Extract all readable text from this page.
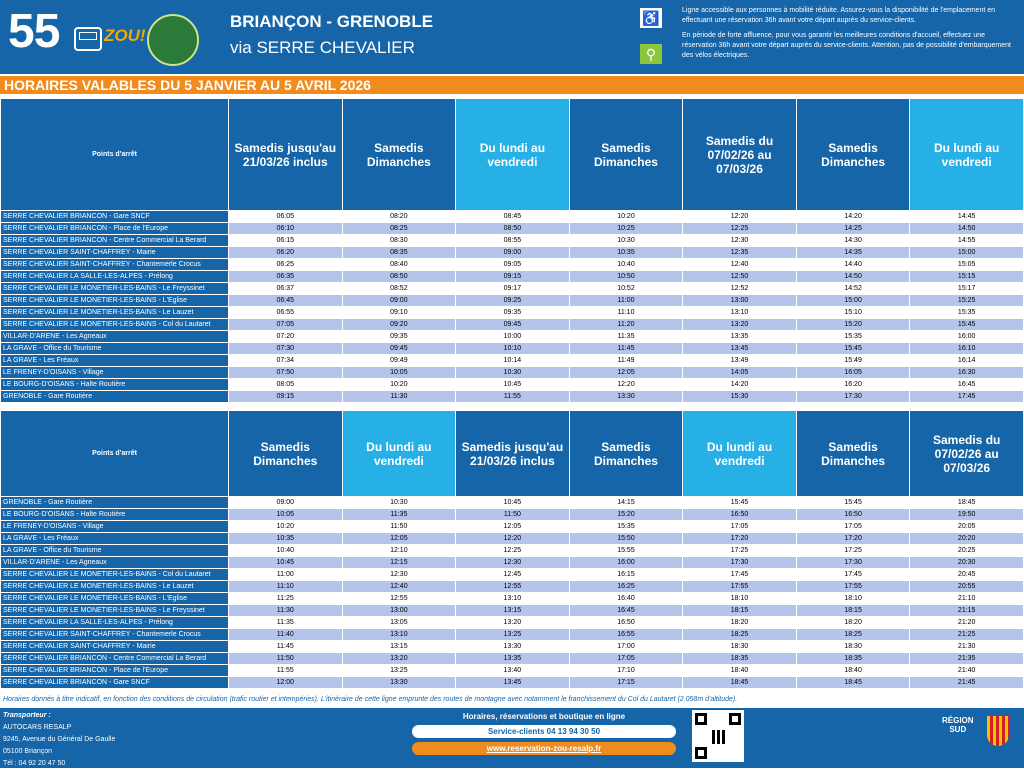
55	ZOU!
BRIANÇON - GRENOBLE
via SERRE CHEVALIER
♿
⚲

Ligne accessible aux personnes à mobilité réduite. Assurez-vous la disponibilité de l'emplacement en effectuant une réservation 36h avant votre départ auprès du service-clients.

En période de forte affluence, pour vous garantir les meilleures conditions d'accueil, effectuez une réservation 36h avant votre départ auprès du service-clients. Attention, pas de possibilité d'embarquement des vélos électriques.

HORAIRES VALABLES DU 5 JANVIER AU 5 AVRIL 2026
Points d'arrêt	Samedis jusqu'au 21/03/26 inclus	Samedis Dimanches	Du lundi au vendredi	Samedis Dimanches	Samedis du 07/02/26 au 07/03/26	Samedis Dimanches	Du lundi au vendredi
SERRE CHEVALIER BRIANCON - Gare SNCF	06:05	08:20	08:45	10:20	12:20	14:20	14:45
SERRE CHEVALIER BRIANCON - Place de l'Europe	06:10	08:25	08:50	10:25	12:25	14:25	14:50
SERRE CHEVALIER BRIANCON - Centre Commercial La Berard	06:15	08:30	08:55	10:30	12:30	14:30	14:55
SERRE CHEVALIER SAINT-CHAFFREY - Mairie	06:20	08:35	09:00	10:35	12:35	14:35	15:00
SERRE CHEVALIER SAINT-CHAFFREY - Chantemerle Crocus	06:25	08:40	09:05	10:40	12:40	14:40	15:05
SERRE CHEVALIER LA SALLE-LES-ALPES - Prélong	06:35	08:50	09:15	10:50	12:50	14:50	15:15
SERRE CHEVALIER LE MONETIER-LES-BAINS - Le Freyssinet	06:37	08:52	09:17	10:52	12:52	14:52	15:17
SERRE CHEVALIER LE MONETIER-LES-BAINS - L'Eglise	06:45	09:00	09:25	11:00	13:00	15:00	15:25
SERRE CHEVALIER LE MONETIER-LES-BAINS - Le Lauzet	06:55	09:10	09:35	11:10	13:10	15:10	15:35
SERRE CHEVALIER LE MONETIER-LES-BAINS - Col du Lautaret	07:05	09:20	09:45	11:20	13:20	15:20	15:45
VILLAR-D'ARENE - Les Agneaux	07:20	09:35	10:00	11:35	13:35	15:35	16:00
LA GRAVE - Office du Tourisme	07:30	09:45	10:10	11:45	13:45	15:45	16:10
LA GRAVE - Les Fréaux	07:34	09:49	10:14	11:49	13:49	15:49	16:14
LE FRENEY-D'OISANS - Village	07:50	10:05	10:30	12:05	14:05	16:05	16:30
LE BOURG-D'OISANS - Halte Routière	08:05	10:20	10:45	12:20	14:20	16:20	16:45
GRENOBLE - Gare Routière	09:15	11:30	11:55	13:30	15:30	17:30	17:45
Points d'arrêt	Samedis Dimanches	Du lundi au vendredi	Samedis jusqu'au 21/03/26 inclus	Samedis Dimanches	Du lundi au vendredi	Samedis Dimanches	Samedis du 07/02/26 au 07/03/26
GRENOBLE - Gare Routière	09:00	10:30	10:45	14:15	15:45	15:45	18:45
LE BOURG-D'OISANS - Halte Routière	10:05	11:35	11:50	15:20	16:50	16:50	19:50
LE FRENEY-D'OISANS - Village	10:20	11:50	12:05	15:35	17:05	17:05	20:05
LA GRAVE - Les Fréaux	10:35	12:05	12:20	15:50	17:20	17:20	20:20
LA GRAVE - Office du Tourisme	10:40	12:10	12:25	15:55	17:25	17:25	20:25
VILLAR-D'ARENE - Les Agneaux	10:45	12:15	12:30	16:00	17:30	17:30	20:30
SERRE CHEVALIER LE MONETIER-LES-BAINS - Col du Lautaret	11:00	12:30	12:45	16:15	17:45	17:45	20:45
SERRE CHEVALIER LE MONETIER-LES-BAINS - Le Lauzet	11:10	12:40	12:55	16:25	17:55	17:55	20:55
SERRE CHEVALIER LE MONETIER-LES-BAINS - L'Eglise	11:25	12:55	13:10	16:40	18:10	18:10	21:10
SERRE CHEVALIER LE MONETIER-LES-BAINS - Le Freyssinet	11:30	13:00	13:15	16:45	18:15	18:15	21:15
SERRE CHEVALIER LA SALLE-LES-ALPES - Prélong	11:35	13:05	13:20	16:50	18:20	18:20	21:20
SERRE CHEVALIER SAINT-CHAFFREY - Chantemerle Crocus	11:40	13:10	13:25	16:55	18:25	18:25	21:25
SERRE CHEVALIER SAINT-CHAFFREY - Mairie	11:45	13:15	13:30	17:00	18:30	18:30	21:30
SERRE CHEVALIER BRIANCON - Centre Commercial La Berard	11:50	13:20	13:35	17:05	18:35	18:35	21:35
SERRE CHEVALIER BRIANCON - Place de l'Europe	11:55	13:25	13:40	17:10	18:40	18:40	21:40
SERRE CHEVALIER BRIANCON - Gare SNCF	12:00	13:30	13:45	17:15	18:45	18:45	21:45
Horaires donnés à titre indicatif, en fonction des conditions de circulation (trafic routier et intempéries). L'itinéraire de cette ligne emprunte des routes de montagne avec notamment le franchissement du Col du Lautaret (2 058m d'altitude).
Transporteur :
AUTOCARS RESALP
9245, Avenue du Général De Gaulle
05100 Briançon
Tél : 04 92 20 47 50
Horaires, réservations et boutique en ligne
Service-clients 04 13 94 30 50
www.reservation-zou-resalp.fr
RÉGION
SUD
